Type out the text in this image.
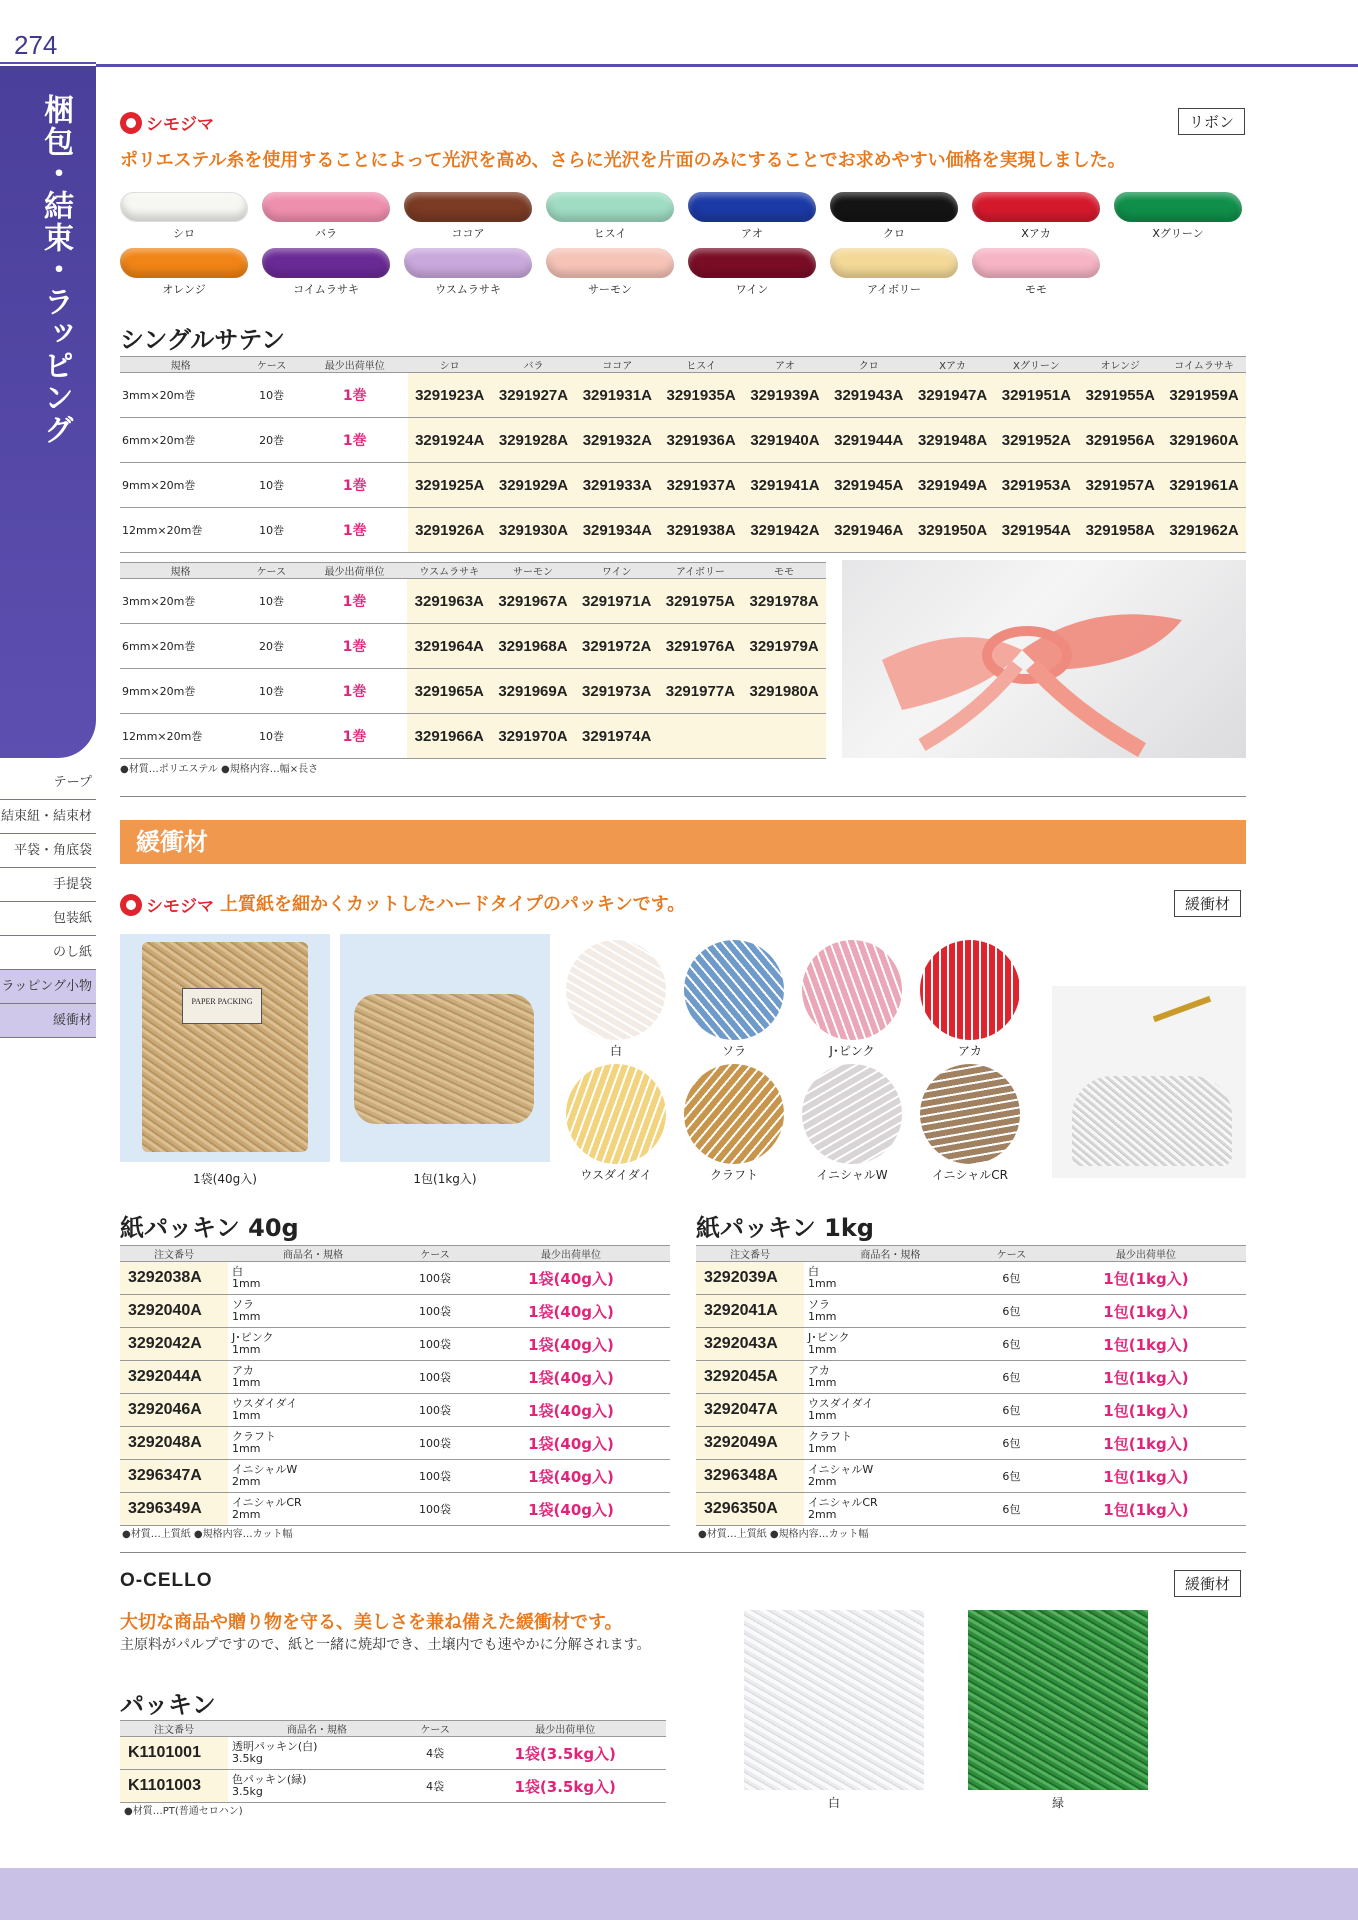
274
梱包・結束・ラッピング
テープ
結束紐・結束材
平袋・角底袋
手提袋
包装紙
のし紙
ラッピング小物
緩衝材
シモジマ	リボン
ポリエステル糸を使用することによって光沢を高め、さらに光沢を片面のみにすることでお求めやすい価格を実現しました。
シロ	バラ	ココア	ヒスイ	アオ	クロ	Xアカ	Xグリーン
オレンジ	コイムラサキ	ウスムラサキ	サーモン	ワイン	アイボリー	モモ
シングルサテン
規格	ケース	最少出荷単位	シロ	バラ	ココア	ヒスイ	アオ	クロ	Xアカ	Xグリーン	オレンジ	コイムラサキ
3mm×20m巻	10巻	1巻	3291923A	3291927A	3291931A	3291935A	3291939A	3291943A	3291947A	3291951A	3291955A	3291959A
6mm×20m巻	20巻	1巻	3291924A	3291928A	3291932A	3291936A	3291940A	3291944A	3291948A	3291952A	3291956A	3291960A
9mm×20m巻	10巻	1巻	3291925A	3291929A	3291933A	3291937A	3291941A	3291945A	3291949A	3291953A	3291957A	3291961A
12mm×20m巻	10巻	1巻	3291926A	3291930A	3291934A	3291938A	3291942A	3291946A	3291950A	3291954A	3291958A	3291962A
規格	ケース	最少出荷単位	ウスムラサキ	サーモン	ワイン	アイボリー	モモ
3mm×20m巻	10巻	1巻	3291963A	3291967A	3291971A	3291975A	3291978A
6mm×20m巻	20巻	1巻	3291964A	3291968A	3291972A	3291976A	3291979A
9mm×20m巻	10巻	1巻	3291965A	3291969A	3291973A	3291977A	3291980A
12mm×20m巻	10巻	1巻	3291966A	3291970A	3291974A		
●材質…ポリエステル ●規格内容…幅×長さ
緩衝材
シモジマ 上質紙を細かくカットしたハードタイプのパッキンです。	緩衝材
PAPER PACKING
1袋(40g入)	1包(1kg入)
白	ソラ	J･ピンク	アカ
ウスダイダイ	クラフト	イニシャルW	イニシャルCR
紙パッキン 40g	紙パッキン 1kg
注文番号	商品名・規格	ケース	最少出荷単位
3292038A	白
1mm	100袋	1袋(40g入)
3292040A	ソラ
1mm	100袋	1袋(40g入)
3292042A	J･ピンク
1mm	100袋	1袋(40g入)
3292044A	アカ
1mm	100袋	1袋(40g入)
3292046A	ウスダイダイ
1mm	100袋	1袋(40g入)
3292048A	クラフト
1mm	100袋	1袋(40g入)
3296347A	イニシャルW
2mm	100袋	1袋(40g入)
3296349A	イニシャルCR
2mm	100袋	1袋(40g入)
注文番号	商品名・規格	ケース	最少出荷単位
3292039A	白
1mm	6包	1包(1kg入)
3292041A	ソラ
1mm	6包	1包(1kg入)
3292043A	J･ピンク
1mm	6包	1包(1kg入)
3292045A	アカ
1mm	6包	1包(1kg入)
3292047A	ウスダイダイ
1mm	6包	1包(1kg入)
3292049A	クラフト
1mm	6包	1包(1kg入)
3296348A	イニシャルW
2mm	6包	1包(1kg入)
3296350A	イニシャルCR
2mm	6包	1包(1kg入)
●材質…上質紙 ●規格内容…カット幅	●材質…上質紙 ●規格内容…カット幅
O-CELLO	緩衝材
大切な商品や贈り物を守る、美しさを兼ね備えた緩衝材です。
主原料がパルプですので、紙と一緒に焼却でき、土壌内でも速やかに分解されます。
パッキン
注文番号	商品名・規格	ケース	最少出荷単位
K1101001	透明パッキン(白)
3.5kg	4袋	1袋(3.5kg入)
K1101003	色パッキン(緑)
3.5kg	4袋	1袋(3.5kg入)
●材質…PT(普通セロハン)
白	緑
